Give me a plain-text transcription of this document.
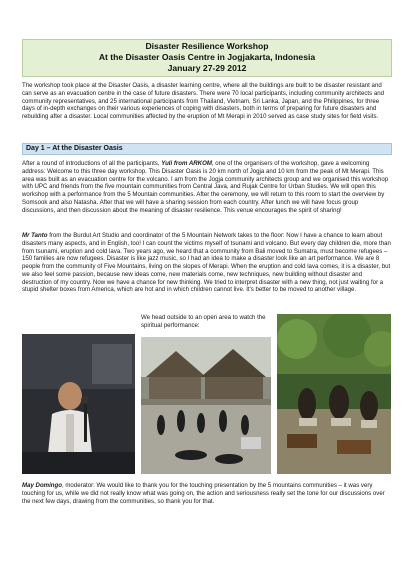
Disaster Resilience Workshop
At the Disaster Oasis Centre in Jogjakarta, Indonesia
January 27-29 2012

The workshop took place at the Disaster Oasis, a disaster learning centre, where all the buildings are built to be disaster resistant and can serve as an evacuation centre in the case of future disasters. There were 70 local participants, including community architects and community representatives, and 25 international participants from Thailand, Vietnam, Sri Lanka, Japan, and the Philippines, for three days of in-depth exchanges on their various experiences of coping with disasters, both in terms of preparing for future disasters and rebuilding after a disaster. Local communities affected by the eruption of Mt Merapi in 2010 served as case study sites for field visits.

Day 1 – At the Disaster Oasis

After a round of introductions of all the participants, Yuli from ARKOM, one of the organisers of the workshop, gave a welcoming address: Welcome to this three day workshop. This Disaster Oasis is 20 km north of Jogja and 10 km from the peak of Mt Merapi. This area was built as an evacuation centre for the volcano. I am from the Jogja community architects group and we organised this workshop with UPC and friends from the five mountain communities from Central Java, and Rujak Centre for Urban Studies. We will open this workshop with a performance from the 5 Mountain communities. After the ceremony, we will return to this room to start the overview by Somsook and also Natasha. After that we will have a sharing session from each country. After lunch we will have focus group discussions, and then discussion about the meaning of disaster resilience. This venue encourages the spirit of sharing!

Mr Tanto from the Burdut Art Studio and coordinator of the 5 Mountain Network takes to the floor: Now I have a chance to learn about disasters many aspects, and in English, too! I can count the victims myself of tsunami and volcano. But every day children die, more than from tsunami, eruption and cold lava. Two years ago, we heard that a community from Bali moved to Sumatra, must become refugees – 150 families are now refugees. Disaster is like jazz music, so I had an idea to make a disaster look like an art performance. We are 8 people from the community of Five Mountains, living on the slopes of Merapi. When the eruption and cold lava comes, it is a disaster, but we also feel some passion, because new ideas come, new materials come, new techniques, new building without disaster and destruction of my country. Now we have a chance for new thinking. We tried to interpret disaster with a new thing, not just waiting for a stupid shelter boxes from America, which are hot and in which children cannot live. It's better to be moved to another village.

We head outside to an open area to watch the spiritual performance:

May Domingo, moderator: We would like to thank you for the touching presentation by the 5 mountains communities – it was very touching for us, while we did not really know what was going on, the action and seriousness really set the tone for our discussions over the next few days, drawing from the communities, so thank you for that.
